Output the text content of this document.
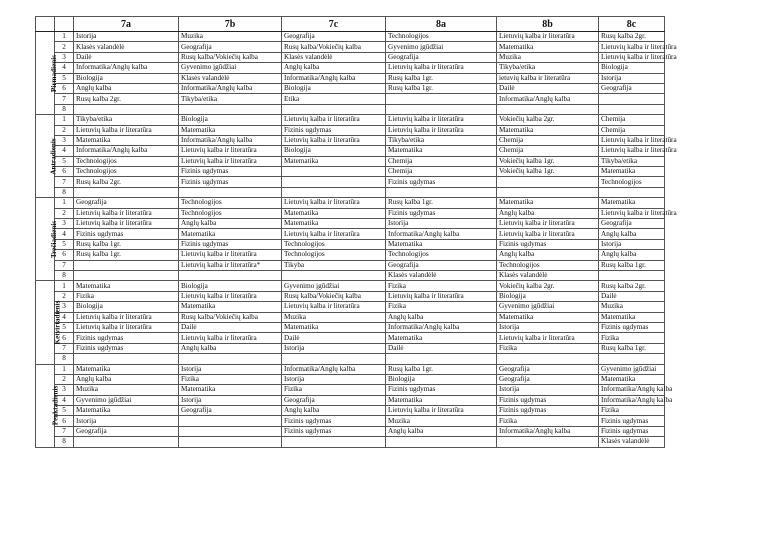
		7a	7b	7c	8a	8b	8c
Pirmadienis	1	Istorija	Muzika	Geografija	Technologijos	Lietuvių kalba ir literatūra	Rusų kalba 2gr.
	2	Klasės valandėlė	Geografija	Rusų kalba/Vokiečių kalba	Gyvenimo įgūdžiai	Matematika	Lietuvių kalba ir literatūra
	3	Dailė	Rusų kalba/Vokiečių kalba	Klasės valandėlė	Geografija	Muzika	Lietuvių kalba ir literatūra
	4	Informatika/Anglų kalba	Gyvenimo įgūdžiai	Anglų kalba	Lietuvių kalba ir literatūra	Tikyba/etika	Biologija
	5	Biologija	Klasės valandėlė	Informatika/Anglų kalba	Rusų kalba 1gr.	ietuvių kalba ir literatūra	Istorija
	6	Anglų kalba	Informatika/Anglų kalba	Biologija	Rusų kalba 1gr.	Dailė	Geografija
	7	Rusų kalba 2gr.	Tikyba/etika	Etika		Informatika/Anglų kalba	
	8						
Antradienis	1	Tikyba/etika	Biologija	Lietuvių kalba ir literatūra	Lietuvių kalba ir literatūra	Vokiečių kalba 2gr.	Chemija
	2	Lietuvių kalba ir literatūra	Matematika	Fizinis ugdymas	Lietuvių kalba ir literatūra	Matematika	Chemija
	3	Matematika	Informatika/Anglų kalba	Lietuvių kalba ir literatūra	Tikyba/etika	Chemija	Lietuvių kalba ir literatūra
	4	Informatika/Anglų kalba	Lietuvių kalba ir literatūra	Biologija	Matematika	Chemija	Lietuvių kalba ir literatūra
	5	Technologijos	Lietuvių kalba ir literatūra	Matematika	Chemija	Vokiečių kalba 1gr.	Tikyba/etika
	6	Technologijos	Fizinis ugdymas		Chemija	Vokiečių kalba 1gr.	Matematika
	7	Rusų kalba 2gr.	Fizinis ugdymas		Fizinis ugdymas		Technologijos
	8						
Trečiadienis	1	Geografija	Technologijos	Lietuvių kalba ir literatūra	Rusų kalba 1gr.	Matematika	Matematika
	2	Lietuvių kalba ir literatūra	Technologijos	Matematika	Fizinis ugdymas	Anglų kalba	Lietuvių kalba ir literatūra
	3	Lietuvių kalba ir literatūra	Anglų kalba	Matematika	Istorija	Lietuvių kalba ir literatūra	Geografija
	4	Fizinis ugdymas	Matematika	Lietuvių kalba ir literatūra	Informatika/Anglų kalba	Lietuvių kalba ir literatūra	Anglų kalba
	5	Rusų kalba 1gr.	Fizinis ugdymas	Technologijos	Matematika	Fizinis ugdymas	Istorija
	6	Rusų kalba 1gr.	Lietuvių kalba ir literatūra	Technologijos	Technologijos	Anglų kalba	Anglų kalba
	7		Lietuvių kalba ir literatūra*	Tikyba	Geografija	Technologijos	Rusų kalba 1gr.
	8				Klasės valandėlė	Klasės valandėlė	
Ketvirtadienis	1	Matematika	Biologija	Gyvenimo įgūdžiai	Fizika	Vokiečių kalba 2gr.	Rusų kalba 2gr.
	2	Fizika	Lietuvių kalba ir literatūra	Rusų kalba/Vokiečių kalba	Lietuvių kalba ir literatūra	Biologija	Dailė
	3	Biologija	Matematika	Lietuvių kalba ir literatūra	Fizika	Gyvenimo įgūdžiai	Muzika
	4	Lietuvių kalba ir literatūra	Rusų kalba/Vokiečių kalba	Muzika	Anglų kalba	Matematika	Matematika
	5	Lietuvių kalba ir literatūra	Dailė	Matematika	Informatika/Anglų kalba	Istorija	Fizinis ugdymas
	6	Fizinis ugdymas	Lietuvių kalba ir literatūra	Dailė	Matematika	Lietuvių kalba ir literatūra	Fizika
	7	Fizinis ugdymas	Anglų kalba	Istorija	Dailė	Fizika	Rusų kalba 1gr.
	8						
Penktadienis	1	Matematika	Istorija	Informatika/Anglų kalba	Rusų kalba 1gr.	Geografija	Gyvenimo įgūdžiai
	2	Anglų kalba	Fizika	Istorija	Biologija	Geografija	Matematika
	3	Muzika	Matematika	Fizika	Fizinis ugdymas	Istorija	Informatika/Anglų kalba
	4	Gyvenimo įgūdžiai	Istorija	Geografija	Matematika	Fizinis ugdymas	Informatika/Anglų kalba
	5	Matematika	Geografija	Anglų kalba	Lietuvių kalba ir literatūra	Fizinis ugdymas	Fizika
	6	Istorija		Fizinis ugdymas	Muzika	Fizika	Fizinis ugdymas
	7	Geografija		Fizinis ugdymas	Anglų kalba	Informatika/Anglų kalba	Fizinis ugdymas
	8						Klasės valandėlė
